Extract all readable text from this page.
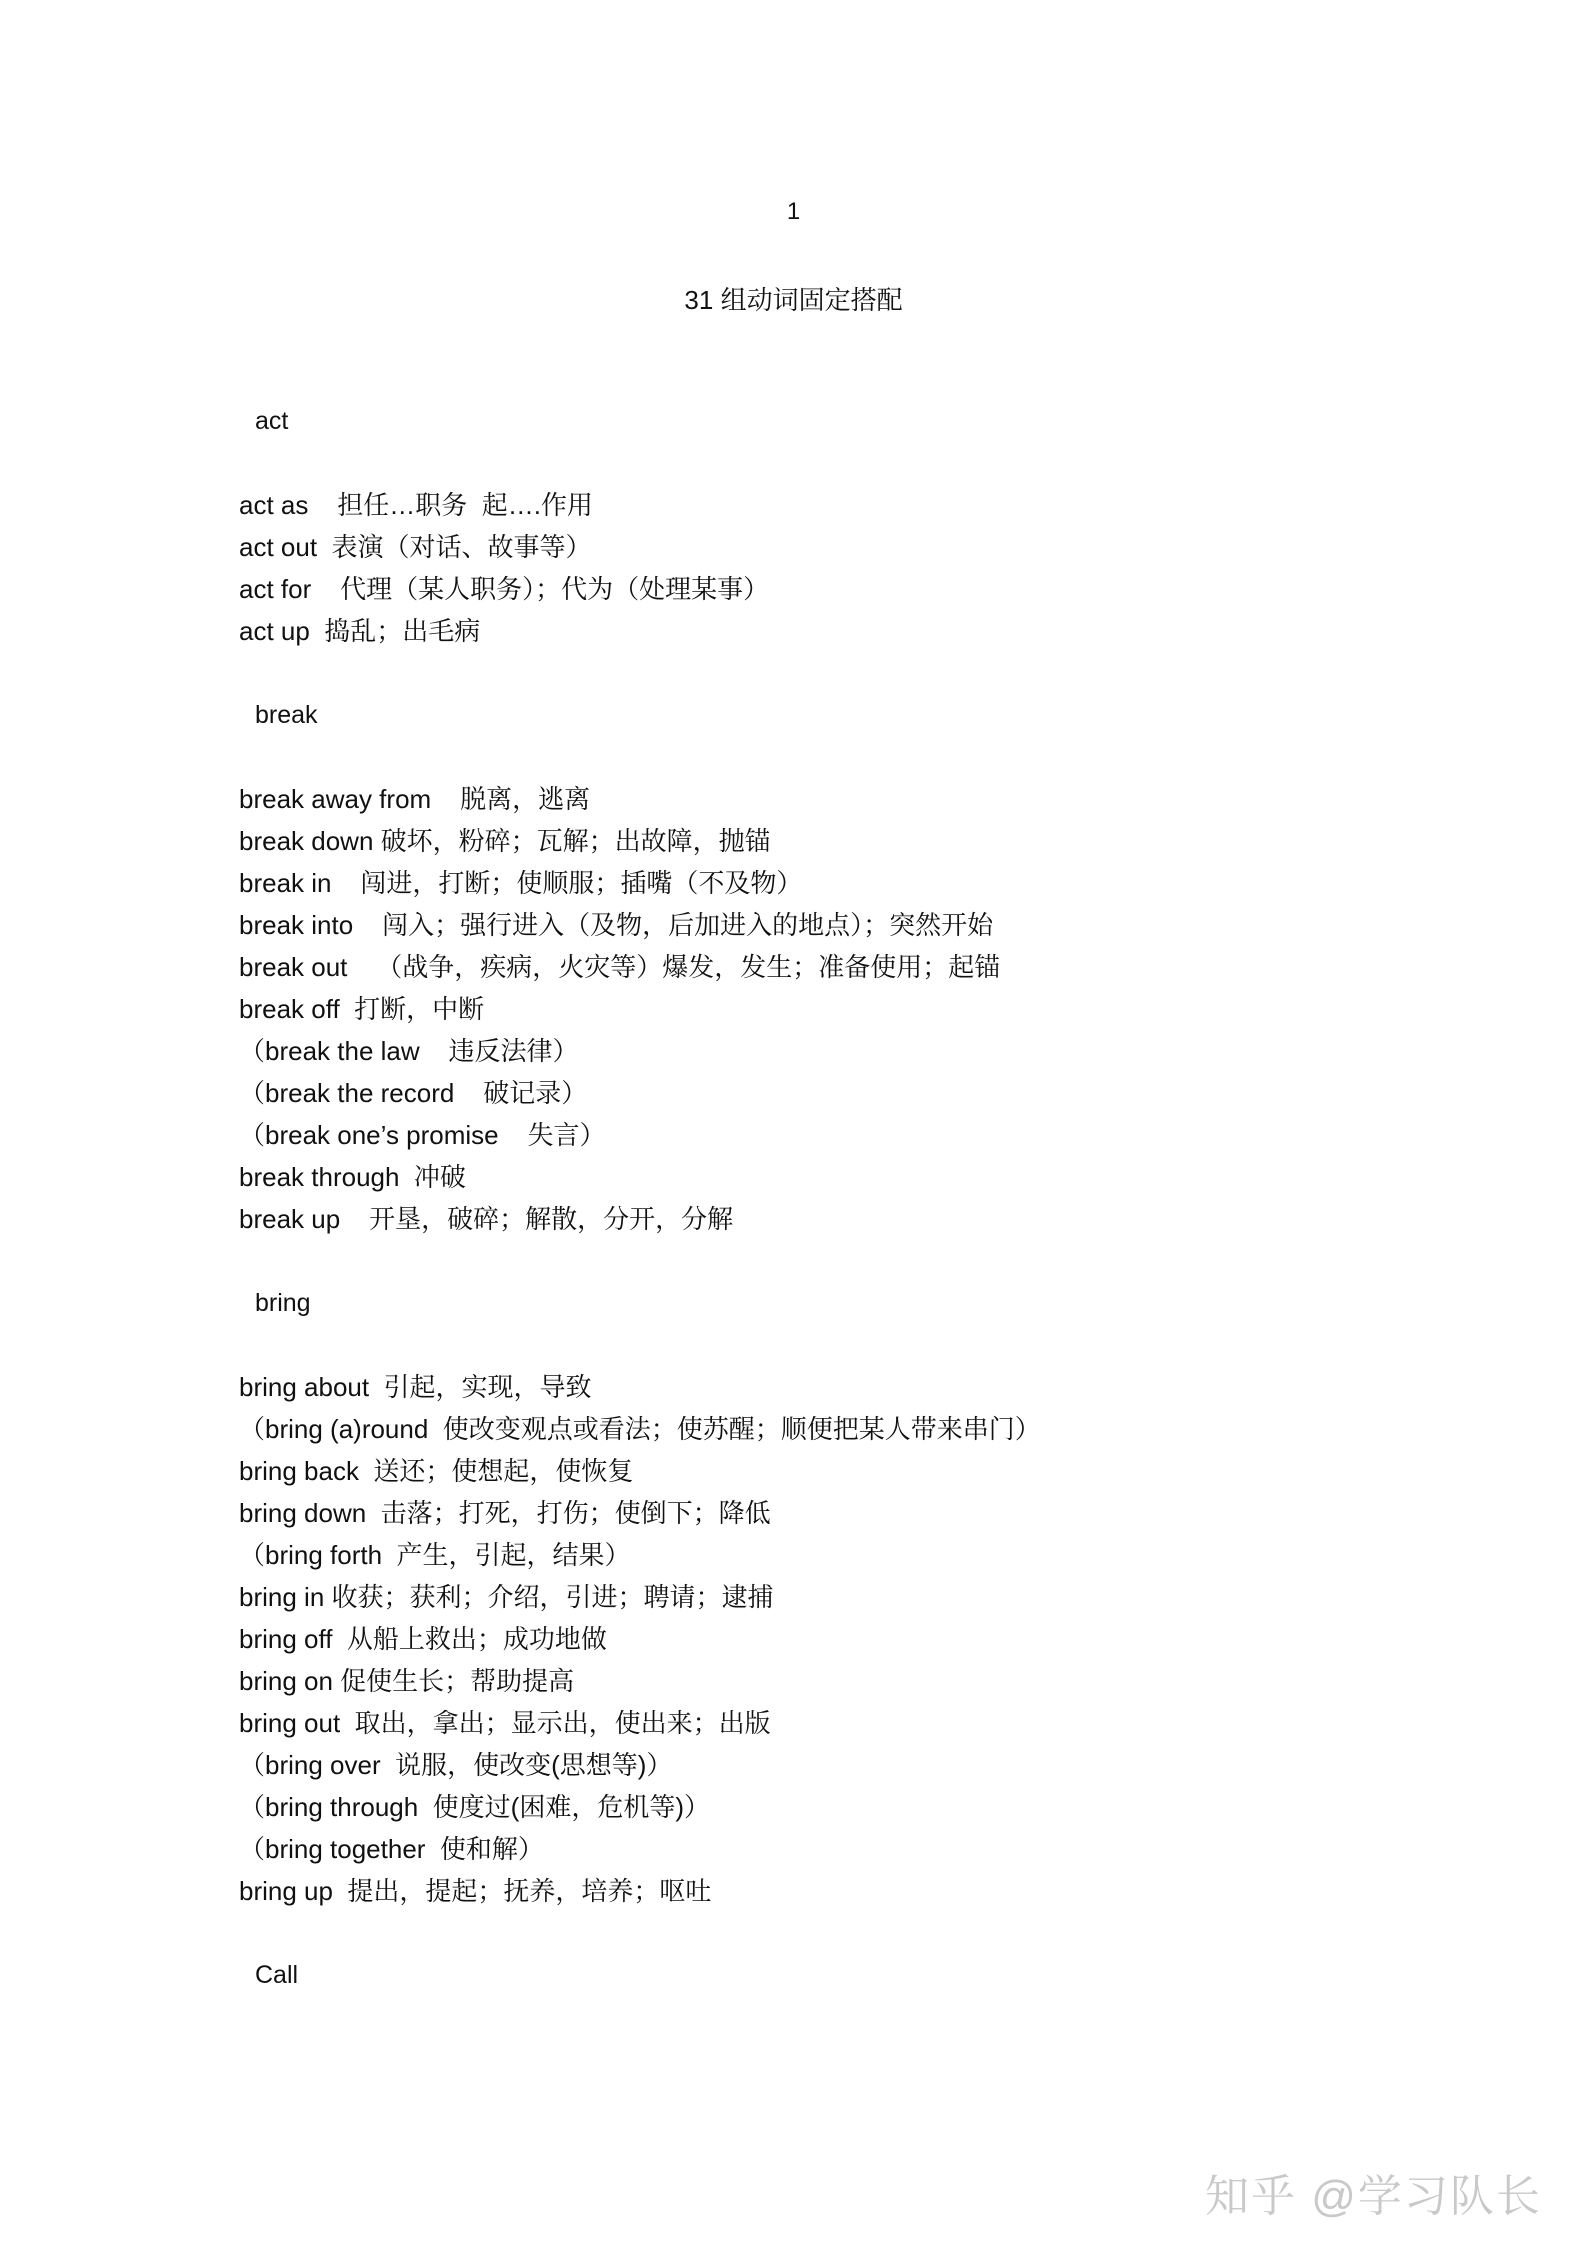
1
31 组动词固定搭配
act
act as    担任…职务  起….作用
act out  表演（对话、故事等）
act for    代理（某人职务）；代为（处理某事）
act up  捣乱；出毛病
break
break away from    脱离，逃离
break down 破坏，粉碎；瓦解；出故障，抛锚
break in    闯进，打断；使顺服；插嘴（不及物）
break into    闯入；强行进入（及物，后加进入的地点）；突然开始
break out    （战争，疾病，火灾等）爆发，发生；准备使用；起锚
break off  打断，中断
（break the law    违反法律）
（break the record    破记录）
（break one’s promise    失言）
break through  冲破
break up    开垦，破碎；解散，分开，分解
bring
bring about  引起，实现，导致
（bring (a)round  使改变观点或看法；使苏醒；顺便把某人带来串门）
bring back  送还；使想起，使恢复
bring down  击落；打死，打伤；使倒下；降低
（bring forth  产生，引起，结果）
bring in 收获；获利；介绍，引进；聘请；逮捕
bring off  从船上救出；成功地做
bring on 促使生长；帮助提高
bring out  取出，拿出；显示出，使出来；出版
（bring over  说服，使改变(思想等)）
（bring through  使度过(困难，危机等)）
（bring together  使和解）
bring up  提出，提起；抚养，培养；呕吐
Call
知乎 @学习队长
